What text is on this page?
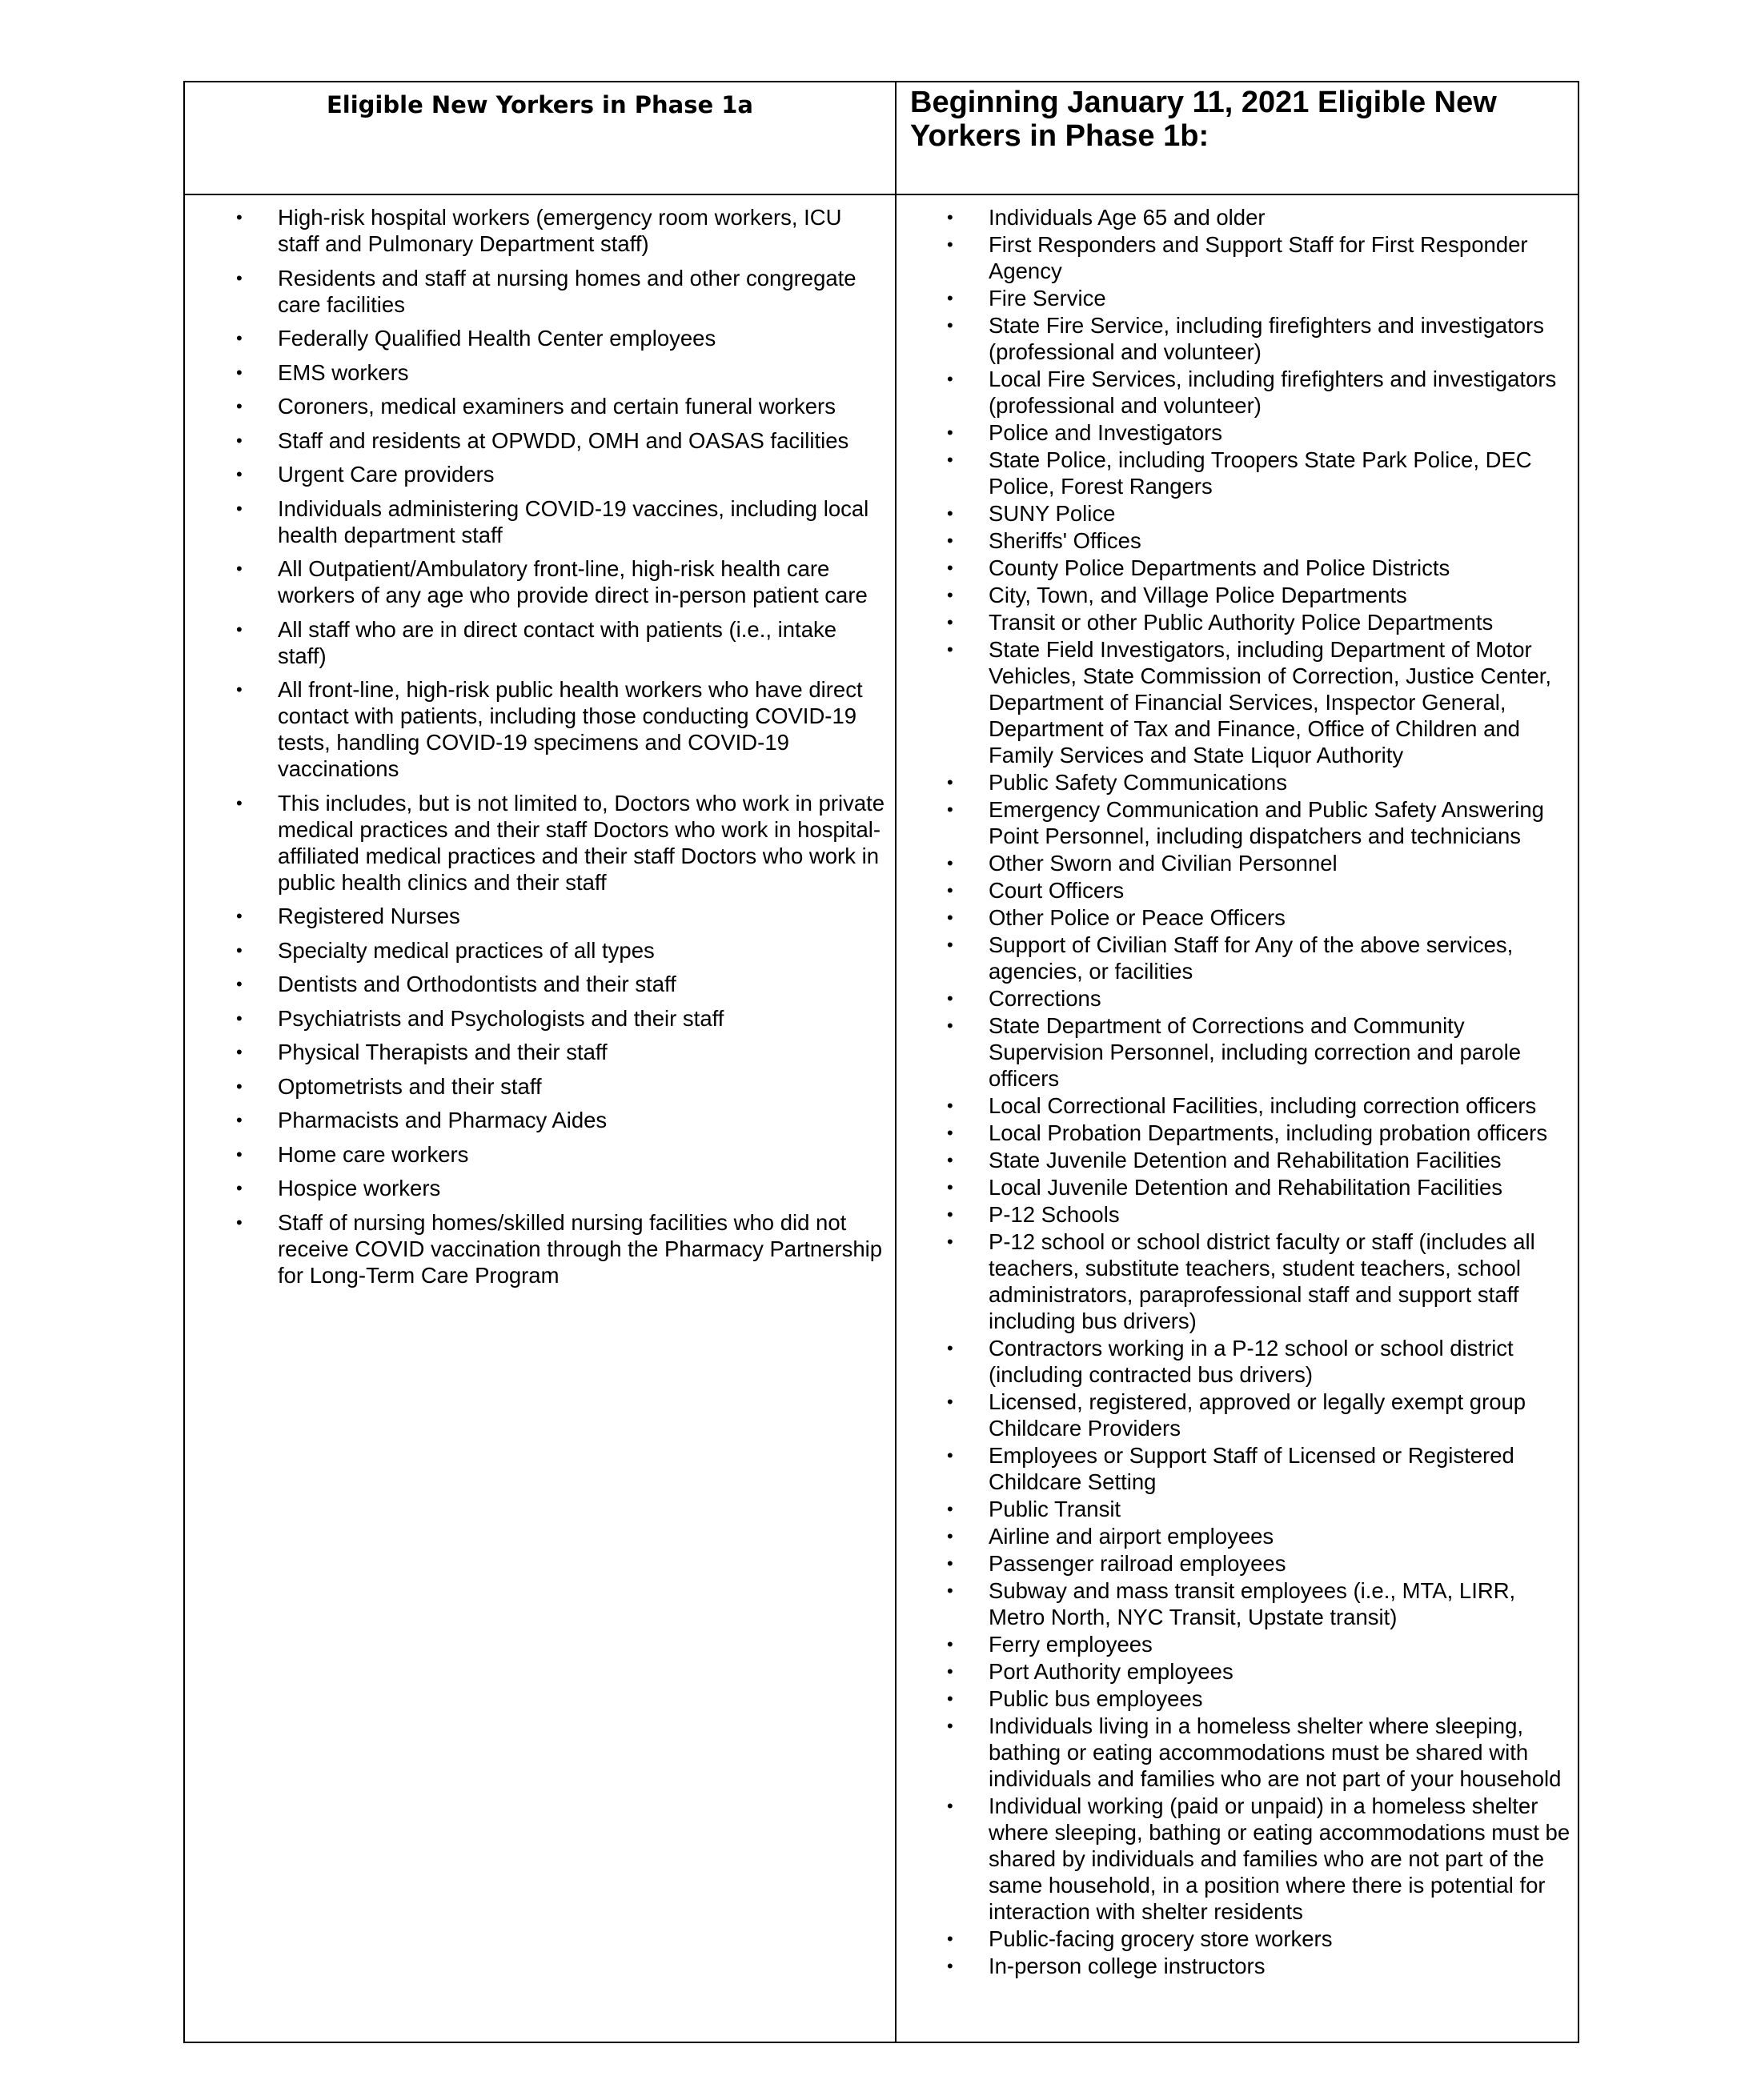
Eligible New Yorkers in Phase 1a	Beginning January 11, 2021 Eligible New Yorkers in Phase 1b:
• High-risk hospital workers (emergency room workers, ICU staff and Pulmonary Department staff)
• Residents and staff at nursing homes and other congregate care facilities
• Federally Qualified Health Center employees
• EMS workers
• Coroners, medical examiners and certain funeral workers
• Staff and residents at OPWDD, OMH and OASAS facilities
• Urgent Care providers
• Individuals administering COVID-19 vaccines, including local health department staff
• All Outpatient/Ambulatory front-line, high-risk health care workers of any age who provide direct in-person patient care
• All staff who are in direct contact with patients (i.e., intake staff)
• All front-line, high-risk public health workers who have direct contact with patients, including those conducting COVID-19 tests, handling COVID-19 specimens and COVID-19 vaccinations
• This includes, but is not limited to, Doctors who work in private medical practices and their staff Doctors who work in hospital-affiliated medical practices and their staff Doctors who work in public health clinics and their staff
• Registered Nurses
• Specialty medical practices of all types
• Dentists and Orthodontists and their staff
• Psychiatrists and Psychologists and their staff
• Physical Therapists and their staff
• Optometrists and their staff
• Pharmacists and Pharmacy Aides
• Home care workers
• Hospice workers
• Staff of nursing homes/skilled nursing facilities who did not receive COVID vaccination through the Pharmacy Partnership for Long-Term Care Program
• Individuals Age 65 and older
• First Responders and Support Staff for First Responder Agency
• Fire Service
• State Fire Service, including firefighters and investigators (professional and volunteer)
• Local Fire Services, including firefighters and investigators (professional and volunteer)
• Police and Investigators
• State Police, including Troopers State Park Police, DEC Police, Forest Rangers
• SUNY Police
• Sheriffs' Offices
• County Police Departments and Police Districts
• City, Town, and Village Police Departments
• Transit or other Public Authority Police Departments
• State Field Investigators, including Department of Motor Vehicles, State Commission of Correction, Justice Center, Department of Financial Services, Inspector General, Department of Tax and Finance, Office of Children and Family Services and State Liquor Authority
• Public Safety Communications
• Emergency Communication and Public Safety Answering Point Personnel, including dispatchers and technicians
• Other Sworn and Civilian Personnel
• Court Officers
• Other Police or Peace Officers
• Support of Civilian Staff for Any of the above services, agencies, or facilities
• Corrections
• State Department of Corrections and Community Supervision Personnel, including correction and parole officers
• Local Correctional Facilities, including correction officers
• Local Probation Departments, including probation officers
• State Juvenile Detention and Rehabilitation Facilities
• Local Juvenile Detention and Rehabilitation Facilities
• P-12 Schools
• P-12 school or school district faculty or staff (includes all teachers, substitute teachers, student teachers, school administrators, paraprofessional staff and support staff including bus drivers)
• Contractors working in a P-12 school or school district (including contracted bus drivers)
• Licensed, registered, approved or legally exempt group Childcare Providers
• Employees or Support Staff of Licensed or Registered Childcare Setting
• Public Transit
• Airline and airport employees
• Passenger railroad employees
• Subway and mass transit employees (i.e., MTA, LIRR, Metro North, NYC Transit, Upstate transit)
• Ferry employees
• Port Authority employees
• Public bus employees
• Individuals living in a homeless shelter where sleeping, bathing or eating accommodations must be shared with individuals and families who are not part of your household
• Individual working (paid or unpaid) in a homeless shelter where sleeping, bathing or eating accommodations must be shared by individuals and families who are not part of the same household, in a position where there is potential for interaction with shelter residents
• Public-facing grocery store workers
• In-person college instructors
